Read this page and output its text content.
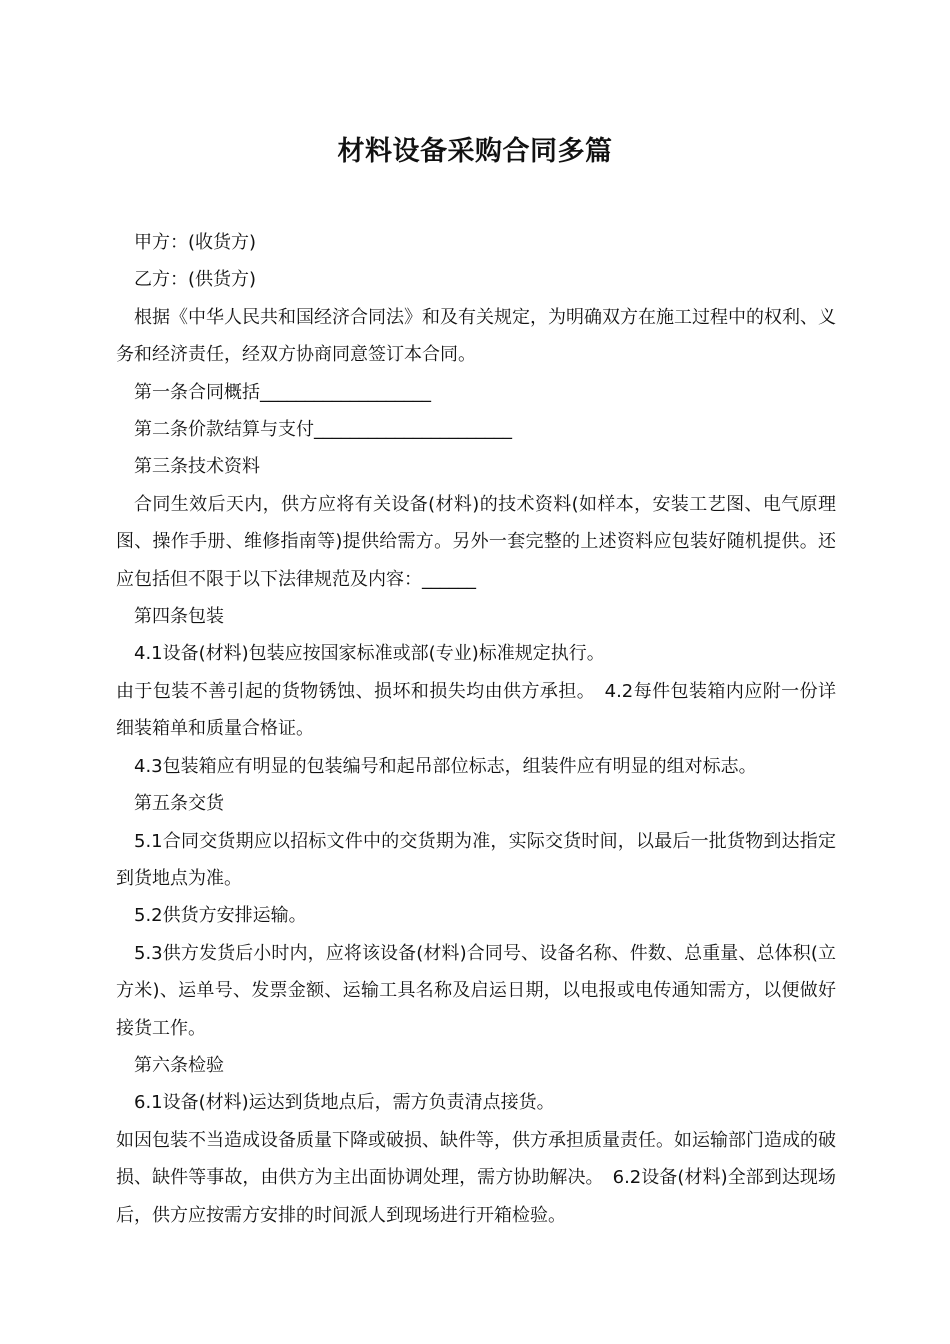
材料设备采购合同多篇

甲方：(收货方)

乙方：(供货方)

根据《中华人民共和国经济合同法》和及有关规定，为明确双方在施工过程中的权利、义务和经济责任，经双方协商同意签订本合同。

第一条合同概括___________________

第二条价款结算与支付______________________

第三条技术资料

合同生效后天内，供方应将有关设备(材料)的技术资料(如样本，安装工艺图、电气原理图、操作手册、维修指南等)提供给需方。另外一套完整的上述资料应包装好随机提供。还应包括但不限于以下法律规范及内容：______

第四条包装

4.1设备(材料)包装应按国家标准或部(专业)标准规定执行。

由于包装不善引起的货物锈蚀、损坏和损失均由供方承担。　4.2每件包装箱内应附一份详细装箱单和质量合格证。

4.3包装箱应有明显的包装编号和起吊部位标志，组装件应有明显的组对标志。

第五条交货

5.1合同交货期应以招标文件中的交货期为准，实际交货时间，以最后一批货物到达指定到货地点为准。

5.2供货方安排运输。

5.3供方发货后小时内，应将该设备(材料)合同号、设备名称、件数、总重量、总体积(立方米)、运单号、发票金额、运输工具名称及启运日期，以电报或电传通知需方，以便做好接货工作。

第六条检验

6.1设备(材料)运达到货地点后，需方负责清点接货。

如因包装不当造成设备质量下降或破损、缺件等，供方承担质量责任。如运输部门造成的破损、缺件等事故，由供方为主出面协调处理，需方协助解决。　6.2设备(材料)全部到达现场后，供方应按需方安排的时间派人到现场进行开箱检验。
